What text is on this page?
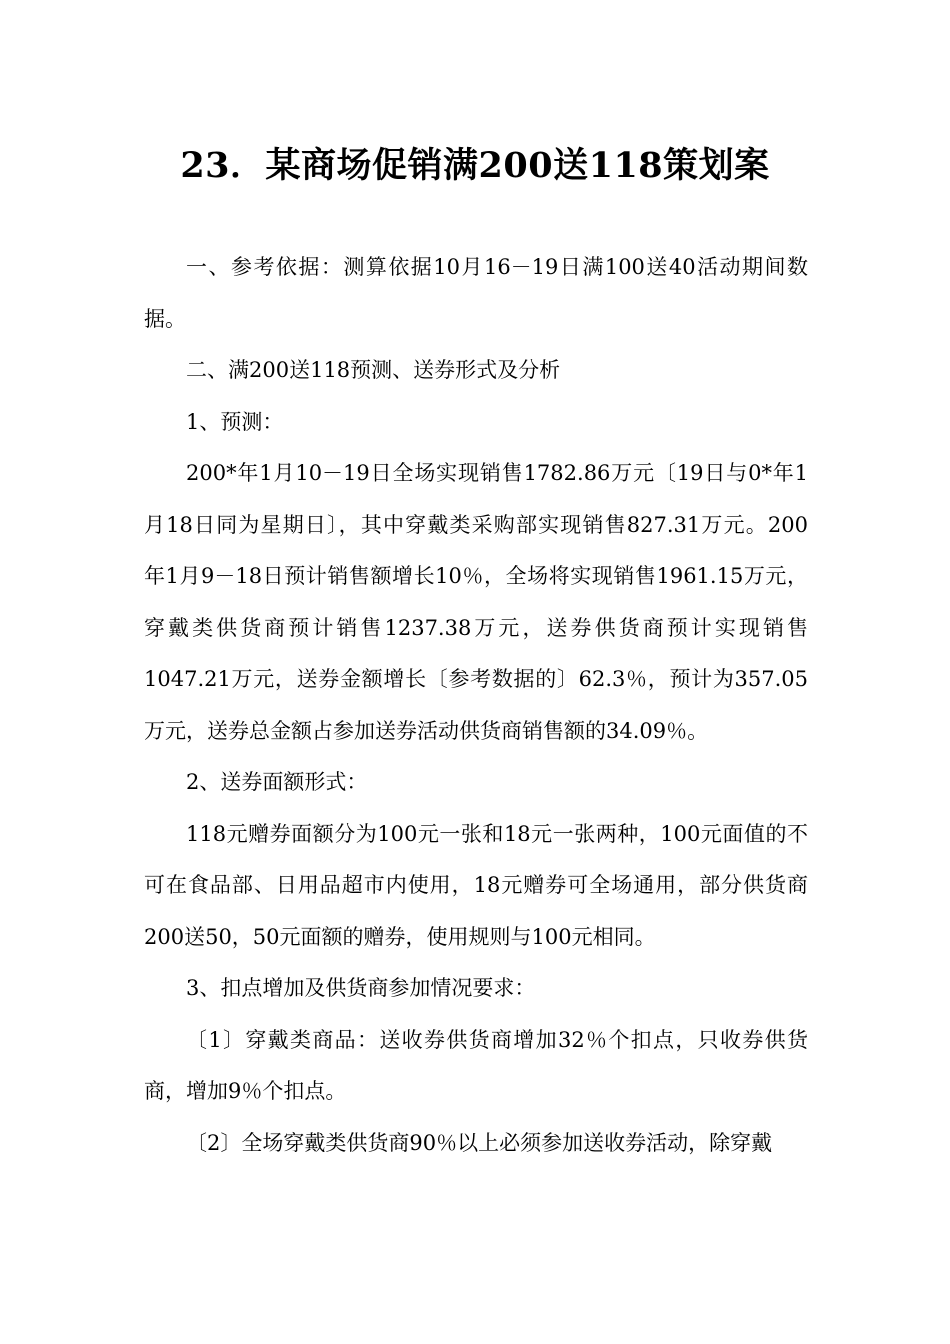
23．某商场促销满200送118策划案

一、参考依据：测算依据10月16－19日满100送40活动期间数据。

二、满200送118预测、送券形式及分析

1、预测：

200*年1月10－19日全场实现销售1782.86万元〔19日与0*年1月18日同为星期日〕，其中穿戴类采购部实现销售827.31万元。200　年1月9－18日预计销售额增长10％，全场将实现销售1961.15万元，穿戴类供货商预计销售1237.38万元，送券供货商预计实现销售1047.21万元，送券金额增长〔参考数据的〕62.3％，预计为357.05万元，送券总金额占参加送券活动供货商销售额的34.09％。

2、送券面额形式：

118元赠券面额分为100元一张和18元一张两种，100元面值的不可在食品部、日用品超市内使用，18元赠券可全场通用，部分供货商200送50，50元面额的赠券，使用规则与100元相同。

3、扣点增加及供货商参加情况要求：

〔1〕穿戴类商品：送收券供货商增加32％个扣点，只收券供货商，增加9％个扣点。

〔2〕全场穿戴类供货商90％以上必须参加送收券活动，除穿戴
